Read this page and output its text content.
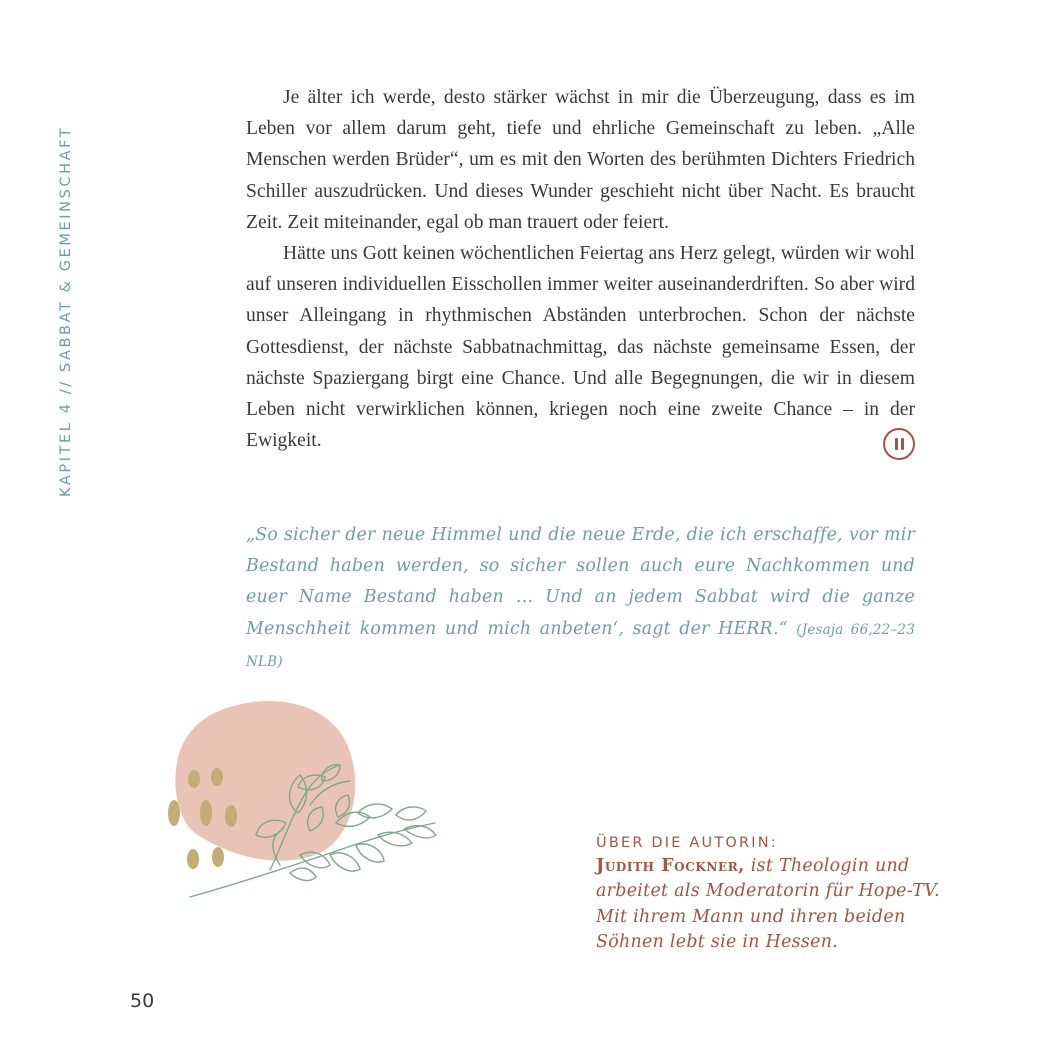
KAPITEL 4 // SABBAT & GEMEINSCHAFT

Je älter ich werde, desto stärker wächst in mir die Überzeugung, dass es im Leben vor allem darum geht, tiefe und ehrliche Gemeinschaft zu leben. „Alle Menschen werden Brüder“, um es mit den Worten des berühmten Dichters Friedrich Schiller auszudrücken. Und dieses Wunder geschieht nicht über Nacht. Es braucht Zeit. Zeit miteinander, egal ob man trauert oder feiert.

Hätte uns Gott keinen wöchentlichen Feiertag ans Herz gelegt, würden wir wohl auf unseren individuellen Eisschollen immer weiter auseinanderdriften. So aber wird unser Alleingang in rhythmischen Abständen unterbrochen. Schon der nächste Gottesdienst, der nächste Sabbatnachmittag, das nächste gemeinsame Essen, der nächste Spaziergang birgt eine Chance. Und alle Begegnungen, die wir in diesem Leben nicht verwirklichen können, kriegen noch eine zweite Chance – in der Ewigkeit.

„So sicher der neue Himmel und die neue Erde, die ich erschaffe, vor mir Bestand haben werden, so sicher sollen auch eure Nachkommen und euer Name Bestand haben … Und an jedem Sabbat wird die ganze Menschheit kommen und mich anbeten‘, sagt der HERR.“ (Jesaja 66,22–23 NLB)
ÜBER DIE AUTORIN:
Judith Fockner, ist Theologin und arbeitet als Moderatorin für Hope-TV. Mit ihrem Mann und ihren beiden Söhnen lebt sie in Hessen.
50
